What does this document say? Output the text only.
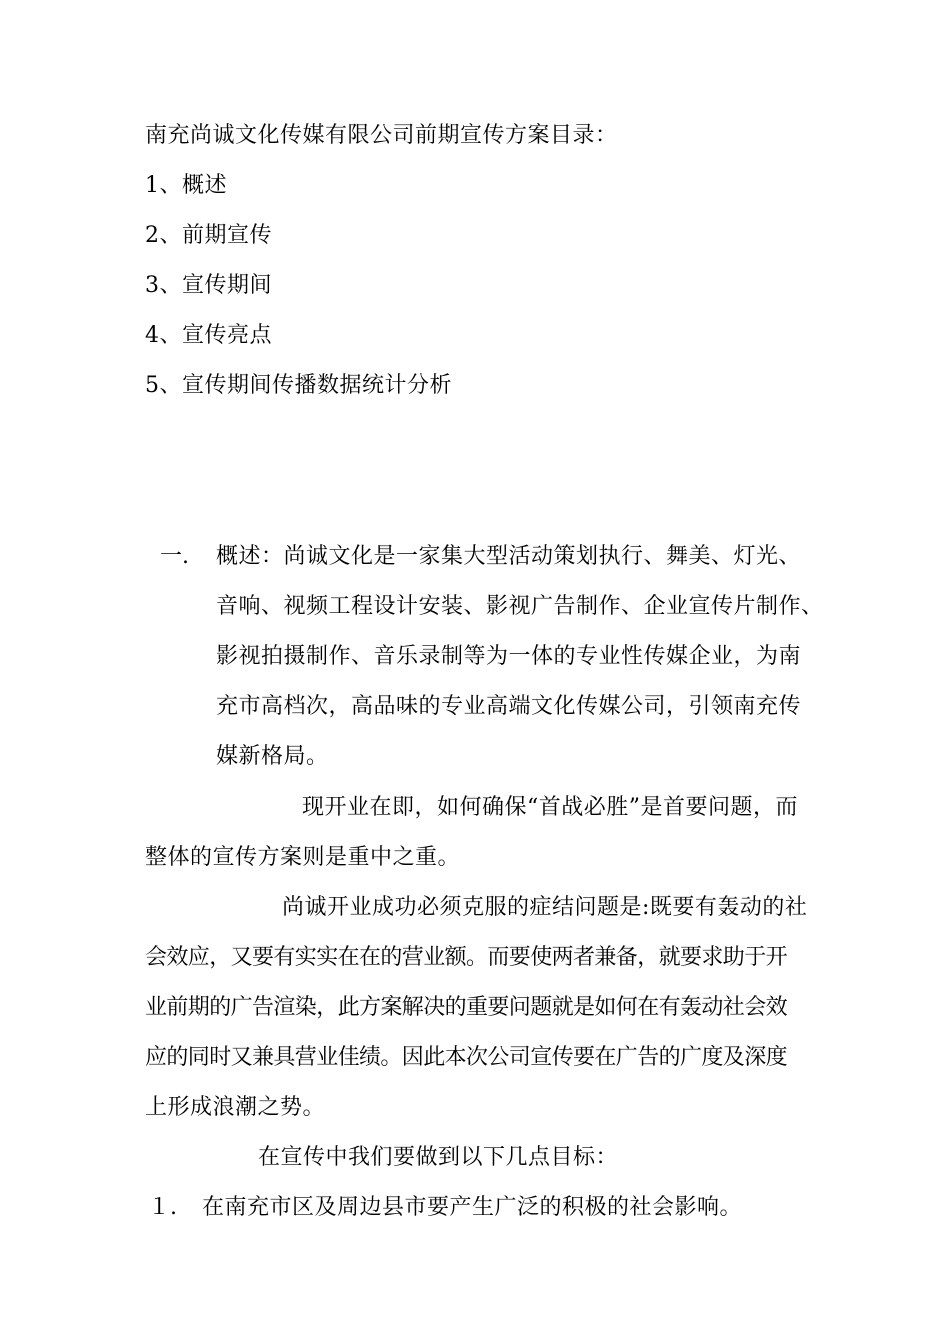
南充尚诚文化传媒有限公司前期宣传方案目录：
1、概述
2、前期宣传
3、宣传期间
4、宣传亮点
5、宣传期间传播数据统计分析
一. 概述：尚诚文化是一家集大型活动策划执行、舞美、灯光、
音响、视频工程设计安装、影视广告制作、企业宣传片制作、
影视拍摄制作、音乐录制等为一体的专业性传媒企业，为南
充市高档次，高品味的专业高端文化传媒公司，引领南充传
媒新格局。
现开业在即，如何确保“首战必胜”是首要问题，而
整体的宣传方案则是重中之重。
尚诚开业成功必须克服的症结问题是:既要有轰动的社
会效应，又要有实实在在的营业额。而要使两者兼备，就要求助于开
业前期的广告渲染，此方案解决的重要问题就是如何在有轰动社会效
应的同时又兼具营业佳绩。因此本次公司宣传要在广告的广度及深度
上形成浪潮之势。
在宣传中我们要做到以下几点目标：
１. 在南充市区及周边县市要产生广泛的积极的社会影响。
